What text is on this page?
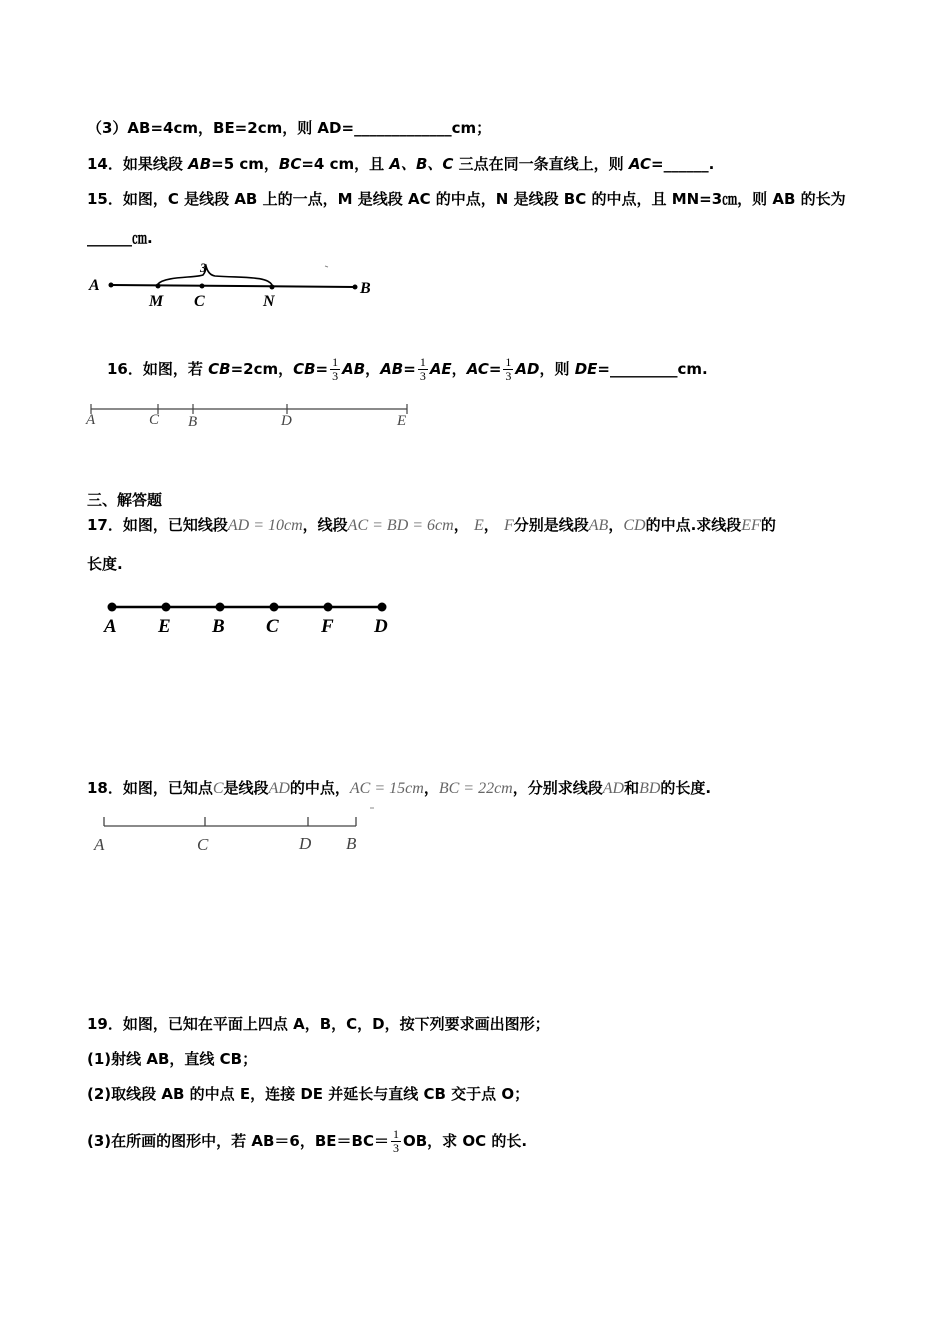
（3）AB=4cm，BE=2cm，则 AD=_____________cm；
14．如果线段 AB=5 cm，BC=4 cm，且 A、B、C 三点在同一条直线上，则 AC=______.
15．如图，C 是线段 AB 上的一点，M 是线段 AC 的中点，N 是线段 BC 的中点，且 MN=3㎝，则 AB 的长为
______㎝.
A
M C	N
B
3
16．如图，若 CB=2cm，$CB= \frac{1}{3}$ AB，$AB= \frac{1}{3}$ AE，$AC= \frac{1}{3}$ AD，则 DE=_________cm.
A	C B	D	E
三、解答题
17．如图，已知线段AD = 10cm，线段AC = BD = 6cm， E， F分别是线段AB，CD的中点.求线段EF的
长度.
A E B C F D
18．如图，已知点C是线段AD的中点，AC = 15cm，BC = 22cm，分别求线段AD和BD的长度.
A	C	D B
19．如图，已知在平面上四点 A，B，C，D，按下列要求画出图形；
(1)射线 AB，直线 CB；
(2)取线段 AB 的中点 E，连接 DE 并延长与直线 CB 交于点 O；
(3)在所画的图形中，若 AB＝6，$BE=BC= \frac{1}{3}$ OB，求 OC 的长.
